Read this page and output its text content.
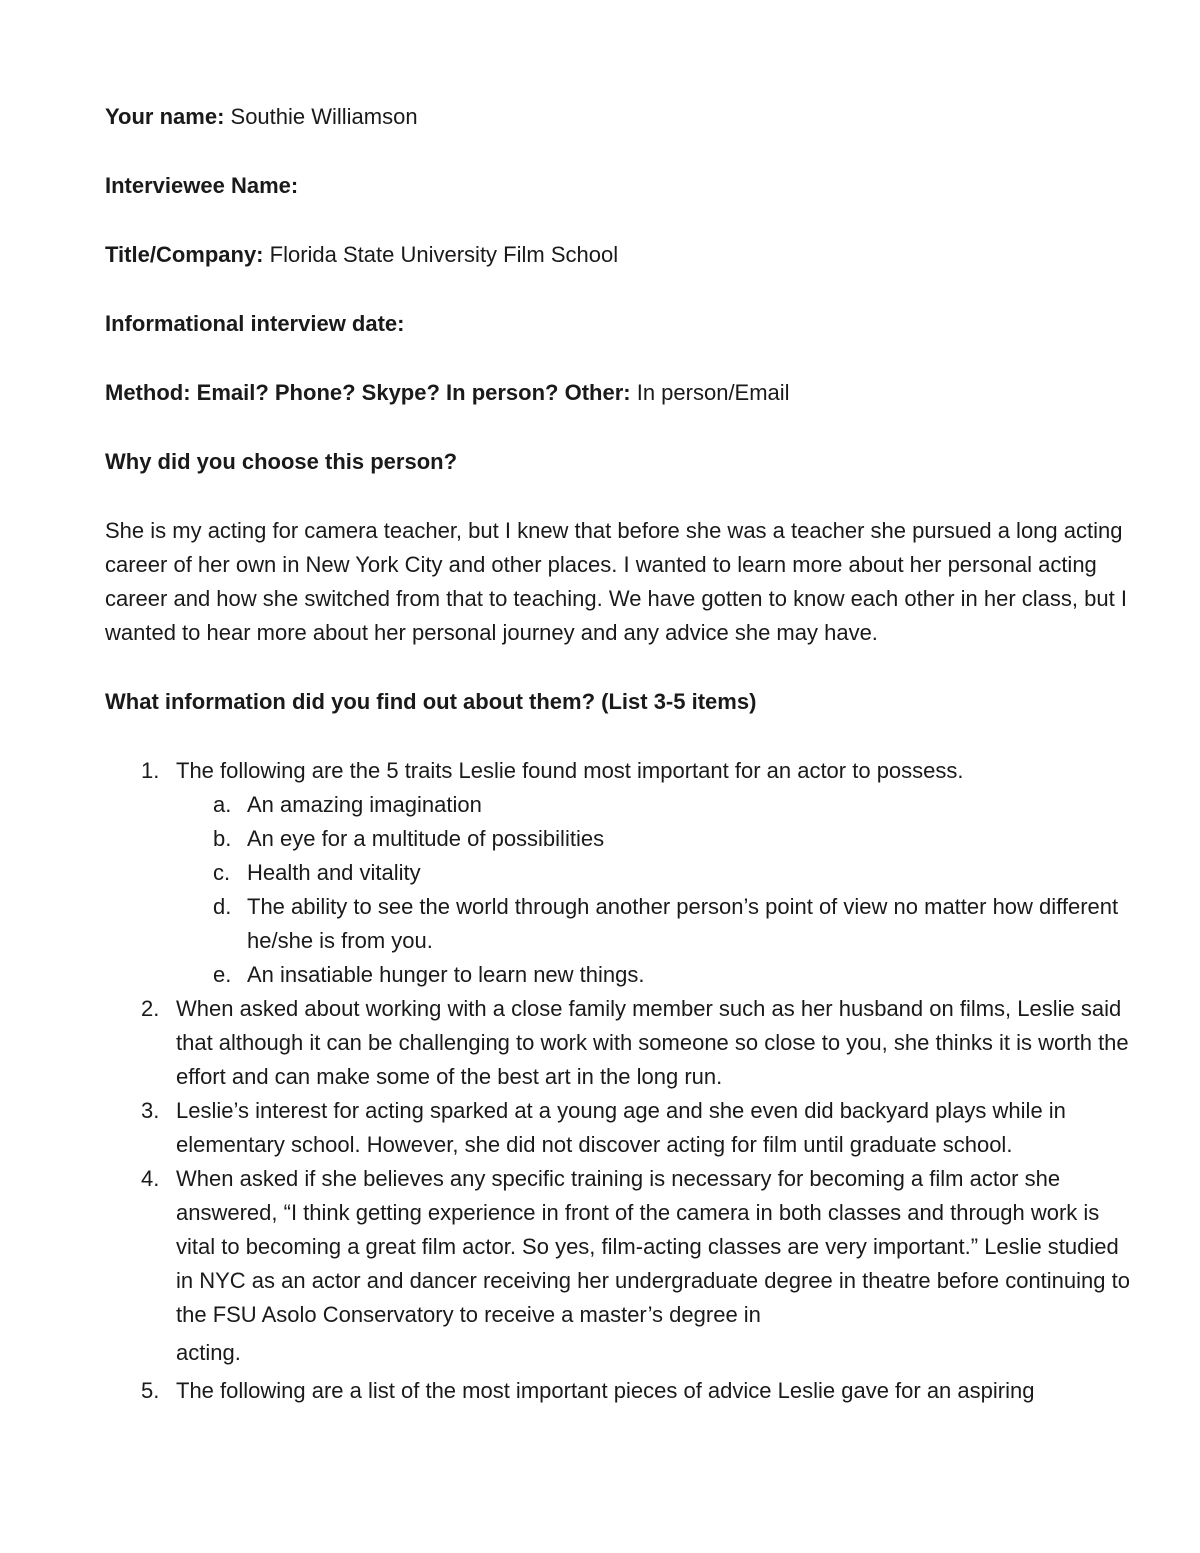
Your name: Southie Williamson

Interviewee Name:

Title/Company: Florida State University Film School

Informational interview date:

Method: Email? Phone? Skype? In person? Other: In person/Email

Why did you choose this person?

She is my acting for camera teacher, but I knew that before she was a teacher she pursued a long acting career of her own in New York City and other places. I wanted to learn more about her personal acting career and how she switched from that to teaching. We have gotten to know each other in her class, but I wanted to hear more about her personal journey and any advice she may have.

What information did you find out about them? (List 3-5 items)

1. The following are the 5 traits Leslie found most important for an actor to possess.
a. An amazing imagination
b. An eye for a multitude of possibilities
c. Health and vitality
d. The ability to see the world through another person’s point of view no matter how different he/she is from you.
e. An insatiable hunger to learn new things.
2. When asked about working with a close family member such as her husband on films, Leslie said that although it can be challenging to work with someone so close to you, she thinks it is worth the effort and can make some of the best art in the long run.
3. Leslie’s interest for acting sparked at a young age and she even did backyard plays while in elementary school. However, she did not discover acting for film until graduate school.
4. When asked if she believes any specific training is necessary for becoming a film actor she answered, “I think getting experience in front of the camera in both classes and through work is vital to becoming a great film actor. So yes, film-acting classes are very important.” Leslie studied in NYC as an actor and dancer receiving her undergraduate degree in theatre before continuing to the FSU Asolo Conservatory to receive a master’s degree in
acting.
5. The following are a list of the most important pieces of advice Leslie gave for an aspiring
